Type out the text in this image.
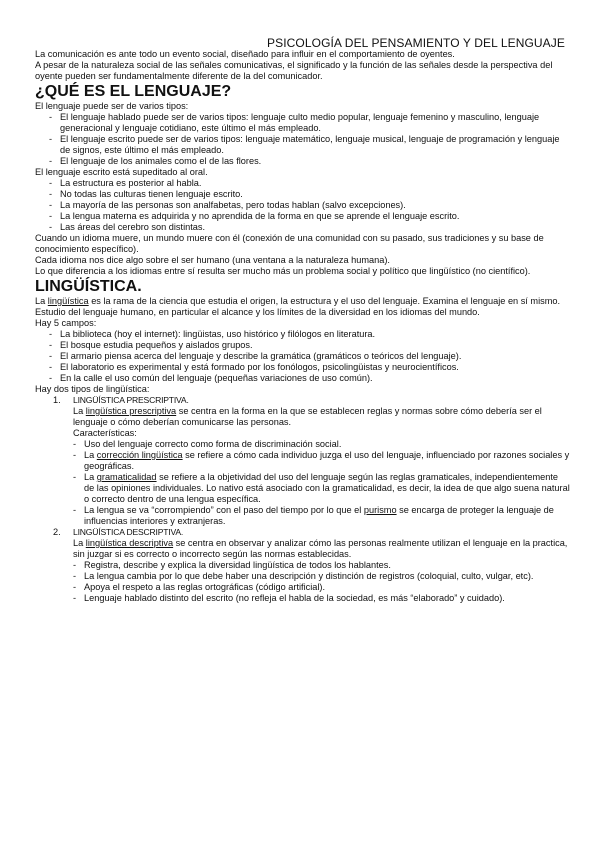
PSICOLOGÍA DEL PENSAMIENTO Y DEL LENGUAJE

La comunicación es ante todo un evento social, diseñado para influir en el comportamiento de oyentes.

A pesar de la naturaleza social de las señales comunicativas, el significado y la función de las señales desde la perspectiva del oyente pueden ser fundamentalmente diferente de la del comunicador.

¿QUÉ ES EL LENGUAJE?

El lenguaje puede ser de varios tipos:

- El lenguaje hablado puede ser de varios tipos: lenguaje culto medio popular, lenguaje femenino y masculino, lenguaje generacional y lenguaje cotidiano, este último el más empleado.
- El lenguaje escrito puede ser de varios tipos: lenguaje matemático, lenguaje musical, lenguaje de programación y lenguaje de signos, este último el más empleado.
- El lenguaje de los animales como el de las flores.

El lenguaje escrito está supeditado al oral.

- La estructura es posterior al habla.
- No todas las culturas tienen lenguaje escrito.
- La mayoría de las personas son analfabetas, pero todas hablan (salvo excepciones).
- La lengua materna es adquirida y no aprendida de la forma en que se aprende el lenguaje escrito.
- Las áreas del cerebro son distintas.

Cuando un idioma muere, un mundo muere con él (conexión de una comunidad con su pasado, sus tradiciones y su base de conocimiento específico).

Cada idioma nos dice algo sobre el ser humano (una ventana a la naturaleza humana).

Lo que diferencia a los idiomas entre sí resulta ser mucho más un problema social y político que lingüístico (no científico).

LINGÜÍSTICA.

La lingüística es la rama de la ciencia que estudia el origen, la estructura y el uso del lenguaje. Examina el lenguaje en sí mismo. Estudio del lenguaje humano, en particular el alcance y los límites de la diversidad en los idiomas del mundo.

Hay 5 campos:

- La biblioteca (hoy el internet): lingüistas, uso histórico y filólogos en literatura.
- El bosque estudia pequeños y aislados grupos.
- El armario piensa acerca del lenguaje y describe la gramática (gramáticos o teóricos del lenguaje).
- El laboratorio es experimental y está formado por los fonólogos, psicolingüistas y neurocientíficos.
- En la calle el uso común del lenguaje (pequeñas variaciones de uso común).

Hay dos tipos de lingüística:

1. LINGÜÍSTICA PRESCRIPTIVA.

La lingüística prescriptiva se centra en la forma en la que se establecen reglas y normas sobre cómo debería ser el lenguaje o cómo deberían comunicarse las personas.

Características:

- Uso del lenguaje correcto como forma de discriminación social.
- La corrección lingüística se refiere a cómo cada individuo juzga el uso del lenguaje, influenciado por razones sociales y geográficas.
- La gramaticalidad se refiere a la objetividad del uso del lenguaje según las reglas gramaticales, independientemente de las opiniones individuales. Lo nativo está asociado con la gramaticalidad, es decir, la idea de que algo suena natural o correcto dentro de una lengua específica.
- La lengua se va “corrompiendo” con el paso del tiempo por lo que el purismo se encarga de proteger la lenguaje de influencias interiores y extranjeras.
2. LINGÜÍSTICA DESCRIPTIVA.

La lingüística descriptiva se centra en observar y analizar cómo las personas realmente utilizan el lenguaje en la practica, sin juzgar si es correcto o incorrecto según las normas establecidas.

- Registra, describe y explica la diversidad lingüística de todos los hablantes.
- La lengua cambia por lo que debe haber una descripción y distinción de registros (coloquial, culto, vulgar, etc).
- Apoya el respeto a las reglas ortográficas (código artificial).
- Lenguaje hablado distinto del escrito (no refleja el habla de la sociedad, es más “elaborado” y cuidado).
